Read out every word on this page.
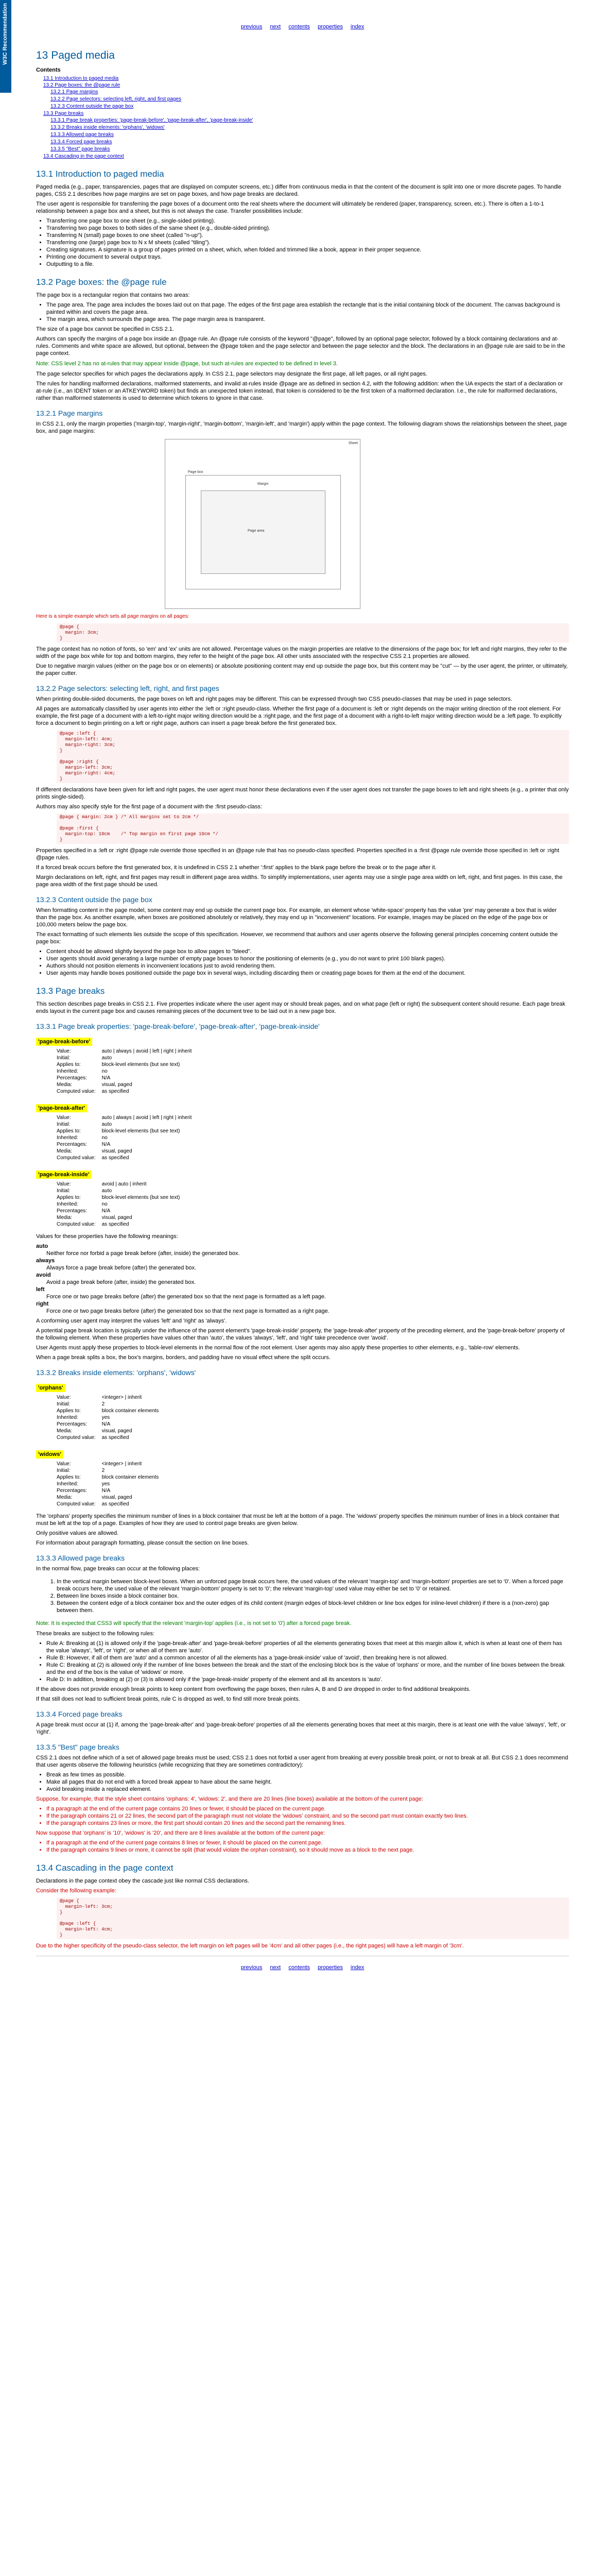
W3C Recommendation	previous next contents properties index
13 Paged media
Contents
13.1 Introduction to paged media
13.2 Page boxes: the @page rule
13.2.1 Page margins
13.2.2 Page selectors: selecting left, right, and first pages
13.2.3 Content outside the page box
13.3 Page breaks
13.3.1 Page break properties: 'page-break-before', 'page-break-after', 'page-break-inside'
13.3.2 Breaks inside elements: 'orphans', 'widows'
13.3.3 Allowed page breaks
13.3.4 Forced page breaks
13.3.5 "Best" page breaks
13.4 Cascading in the page context
13.1 Introduction to paged media

Paged media (e.g., paper, transparencies, pages that are displayed on computer screens, etc.) differ from continuous media in that the content of the document is split into one or more discrete pages. To handle pages, CSS 2.1 describes how page margins are set on page boxes, and how page breaks are declared.

The user agent is responsible for transferring the page boxes of a document onto the real sheets where the document will ultimately be rendered (paper, transparency, screen, etc.). There is often a 1-to-1 relationship between a page box and a sheet, but this is not always the case. Transfer possibilities include:

• Transferring one page box to one sheet (e.g., single-sided printing).
• Transferring two page boxes to both sides of the same sheet (e.g., double-sided printing).
• Transferring N (small) page boxes to one sheet (called "n-up").
• Transferring one (large) page box to N x M sheets (called "tiling").
• Creating signatures. A signature is a group of pages printed on a sheet, which, when folded and trimmed like a book, appear in their proper sequence.
• Printing one document to several output trays.
• Outputting to a file.
13.2 Page boxes: the @page rule

The page box is a rectangular region that contains two areas:

• The page area. The page area includes the boxes laid out on that page. The edges of the first page area establish the rectangle that is the initial containing block of the document. The canvas background is painted within and covers the page area.
• The margin area, which surrounds the page area. The page margin area is transparent.

The size of a page box cannot be specified in CSS 2.1.

Authors can specify the margins of a page box inside an @page rule. An @page rule consists of the keyword "@page", followed by an optional page selector, followed by a block containing declarations and at-rules. Comments and white space are allowed, but optional, between the @page token and the page selector and between the page selector and the block. The declarations in an @page rule are said to be in the page context.

Note: CSS level 2 has no at-rules that may appear inside @page, but such at-rules are expected to be defined in level 3.

The page selector specifies for which pages the declarations apply. In CSS 2.1, page selectors may designate the first page, all left pages, or all right pages.

The rules for handling malformed declarations, malformed statements, and invalid at-rules inside @page are as defined in section 4.2, with the following addition: when the UA expects the start of a declaration or at-rule (i.e., an IDENT token or an ATKEYWORD token) but finds an unexpected token instead, that token is considered to be the first token of a malformed declaration. I.e., the rule for malformed declarations, rather than malformed statements is used to determine which tokens to ignore in that case.

13.2.1 Page margins

In CSS 2.1, only the margin properties ('margin-top', 'margin-right', 'margin-bottom', 'margin-left', and 'margin') apply within the page context. The following diagram shows the relationships between the sheet, page box, and page margins:

Sheet
Page box
Page area
Margin

Here is a simple example which sets all page margins on all pages:

@page {
margin: 3cm;
}

The page context has no notion of fonts, so 'em' and 'ex' units are not allowed. Percentage values on the margin properties are relative to the dimensions of the page box; for left and right margins, they refer to the width of the page box while for top and bottom margins, they refer to the height of the page box. All other units associated with the respective CSS 2.1 properties are allowed.

Due to negative margin values (either on the page box or on elements) or absolute positioning content may end up outside the page box, but this content may be "cut" — by the user agent, the printer, or ultimately, the paper cutter.

13.2.2 Page selectors: selecting left, right, and first pages

When printing double-sided documents, the page boxes on left and right pages may be different. This can be expressed through two CSS pseudo-classes that may be used in page selectors.

All pages are automatically classified by user agents into either the :left or :right pseudo-class. Whether the first page of a document is :left or :right depends on the major writing direction of the root element. For example, the first page of a document with a left-to-right major writing direction would be a :right page, and the first page of a document with a right-to-left major writing direction would be a :left page. To explicitly force a document to begin printing on a left or right page, authors can insert a page break before the first generated box.

@page :left {
margin-left: 4cm;
margin-right: 3cm;
}

@page :right {
margin-left: 3cm;
margin-right: 4cm;
}

If different declarations have been given for left and right pages, the user agent must honor these declarations even if the user agent does not transfer the page boxes to left and right sheets (e.g., a printer that only prints single-sided).

Authors may also specify style for the first page of a document with the :first pseudo-class:

@page { margin: 2cm } /* All margins set to 2cm */

@page :first {
margin-top: 10cm    /* Top margin on first page 10cm */
}

Properties specified in a :left or :right @page rule override those specified in an @page rule that has no pseudo-class specified. Properties specified in a :first @page rule override those specified in :left or :right @page rules.

If a forced break occurs before the first generated box, it is undefined in CSS 2.1 whether ':first' applies to the blank page before the break or to the page after it.

Margin declarations on left, right, and first pages may result in different page area widths. To simplify implementations, user agents may use a single page area width on left, right, and first pages. In this case, the page area width of the first page should be used.

13.2.3 Content outside the page box

When formatting content in the page model, some content may end up outside the current page box. For example, an element whose 'white-space' property has the value 'pre' may generate a box that is wider than the page box. As another example, when boxes are positioned absolutely or relatively, they may end up in "inconvenient" locations. For example, images may be placed on the edge of the page box or 100,000 meters below the page box.

The exact formatting of such elements lies outside the scope of this specification. However, we recommend that authors and user agents observe the following general principles concerning content outside the page box:

• Content should be allowed slightly beyond the page box to allow pages to "bleed".
• User agents should avoid generating a large number of empty page boxes to honor the positioning of elements (e.g., you do not want to print 100 blank pages).
• Authors should not position elements in inconvenient locations just to avoid rendering them.
• User agents may handle boxes positioned outside the page box in several ways, including discarding them or creating page boxes for them at the end of the document.
13.3 Page breaks

This section describes page breaks in CSS 2.1. Five properties indicate where the user agent may or should break pages, and on what page (left or right) the subsequent content should resume. Each page break ends layout in the current page box and causes remaining pieces of the document tree to be laid out in a new page box.

13.3.1 Page break properties: 'page-break-before', 'page-break-after', 'page-break-inside'
'page-break-before'
Value:	auto | always | avoid | left | right | inherit
Initial:	auto
Applies to:	block-level elements (but see text)
Inherited:	no
Percentages:	N/A
Media:	visual, paged
Computed value:	as specified
'page-break-after'
Value:	auto | always | avoid | left | right | inherit
Initial:	auto
Applies to:	block-level elements (but see text)
Inherited:	no
Percentages:	N/A
Media:	visual, paged
Computed value:	as specified
'page-break-inside'
Value:	avoid | auto | inherit
Initial:	auto
Applies to:	block-level elements (but see text)
Inherited:	no
Percentages:	N/A
Media:	visual, paged
Computed value:	as specified

Values for these properties have the following meanings:

auto
Neither force nor forbid a page break before (after, inside) the generated box.
always
Always force a page break before (after) the generated box.
avoid
Avoid a page break before (after, inside) the generated box.
left
Force one or two page breaks before (after) the generated box so that the next page is formatted as a left page.
right
Force one or two page breaks before (after) the generated box so that the next page is formatted as a right page.

A conforming user agent may interpret the values 'left' and 'right' as 'always'.

A potential page break location is typically under the influence of the parent element's 'page-break-inside' property, the 'page-break-after' property of the preceding element, and the 'page-break-before' property of the following element. When these properties have values other than 'auto', the values 'always', 'left', and 'right' take precedence over 'avoid'.

User Agents must apply these properties to block-level elements in the normal flow of the root element. User agents may also apply these properties to other elements, e.g., 'table-row' elements.

When a page break splits a box, the box's margins, borders, and padding have no visual effect where the split occurs.

13.3.2 Breaks inside elements: 'orphans', 'widows'
'orphans'
Value:	<integer> | inherit
Initial:	2
Applies to:	block container elements
Inherited:	yes
Percentages:	N/A
Media:	visual, paged
Computed value:	as specified
'widows'
Value:	<integer> | inherit
Initial:	2
Applies to:	block container elements
Inherited:	yes
Percentages:	N/A
Media:	visual, paged
Computed value:	as specified

The 'orphans' property specifies the minimum number of lines in a block container that must be left at the bottom of a page. The 'widows' property specifies the minimum number of lines in a block container that must be left at the top of a page. Examples of how they are used to control page breaks are given below.

Only positive values are allowed.

For information about paragraph formatting, please consult the section on line boxes.

13.3.3 Allowed page breaks

In the normal flow, page breaks can occur at the following places:

1. In the vertical margin between block-level boxes. When an unforced page break occurs here, the used values of the relevant 'margin-top' and 'margin-bottom' properties are set to '0'. When a forced page break occurs here, the used value of the relevant 'margin-bottom' property is set to '0'; the relevant 'margin-top' used value may either be set to '0' or retained.
2. Between line boxes inside a block container box.
3. Between the content edge of a block container box and the outer edges of its child content (margin edges of block-level children or line box edges for inline-level children) if there is a (non-zero) gap between them.

Note: It is expected that CSS3 will specify that the relevant 'margin-top' applies (i.e., is not set to '0') after a forced page break.

These breaks are subject to the following rules:

• Rule A: Breaking at (1) is allowed only if the 'page-break-after' and 'page-break-before' properties of all the elements generating boxes that meet at this margin allow it, which is when at least one of them has the value 'always', 'left', or 'right', or when all of them are 'auto'.
• Rule B: However, if all of them are 'auto' and a common ancestor of all the elements has a 'page-break-inside' value of 'avoid', then breaking here is not allowed.
• Rule C: Breaking at (2) is allowed only if the number of line boxes between the break and the start of the enclosing block box is the value of 'orphans' or more, and the number of line boxes between the break and the end of the box is the value of 'widows' or more.
• Rule D: In addition, breaking at (2) or (3) is allowed only if the 'page-break-inside' property of the element and all its ancestors is 'auto'.

If the above does not provide enough break points to keep content from overflowing the page boxes, then rules A, B and D are dropped in order to find additional breakpoints.

If that still does not lead to sufficient break points, rule C is dropped as well, to find still more break points.

13.3.4 Forced page breaks

A page break must occur at (1) if, among the 'page-break-after' and 'page-break-before' properties of all the elements generating boxes that meet at this margin, there is at least one with the value 'always', 'left', or 'right'.

13.3.5 "Best" page breaks

CSS 2.1 does not define which of a set of allowed page breaks must be used; CSS 2.1 does not forbid a user agent from breaking at every possible break point, or not to break at all. But CSS 2.1 does recommend that user agents observe the following heuristics (while recognizing that they are sometimes contradictory):

• Break as few times as possible.
• Make all pages that do not end with a forced break appear to have about the same height.
• Avoid breaking inside a replaced element.

Suppose, for example, that the style sheet contains 'orphans: 4', 'widows: 2', and there are 20 lines (line boxes) available at the bottom of the current page:

• If a paragraph at the end of the current page contains 20 lines or fewer, it should be placed on the current page.
• If the paragraph contains 21 or 22 lines, the second part of the paragraph must not violate the 'widows' constraint, and so the second part must contain exactly two lines.
• If the paragraph contains 23 lines or more, the first part should contain 20 lines and the second part the remaining lines.

Now suppose that 'orphans' is '10', 'widows' is '20', and there are 8 lines available at the bottom of the current page:

• If a paragraph at the end of the current page contains 8 lines or fewer, it should be placed on the current page.
• If the paragraph contains 9 lines or more, it cannot be split (that would violate the orphan constraint), so it should move as a block to the next page.
13.4 Cascading in the page context

Declarations in the page context obey the cascade just like normal CSS declarations.

Consider the following example:

@page {
margin-left: 3cm;
}

@page :left {
margin-left: 4cm;
}

Due to the higher specificity of the pseudo-class selector, the left margin on left pages will be '4cm' and all other pages (i.e., the right pages) will have a left margin of '3cm'.

previous next contents properties index
